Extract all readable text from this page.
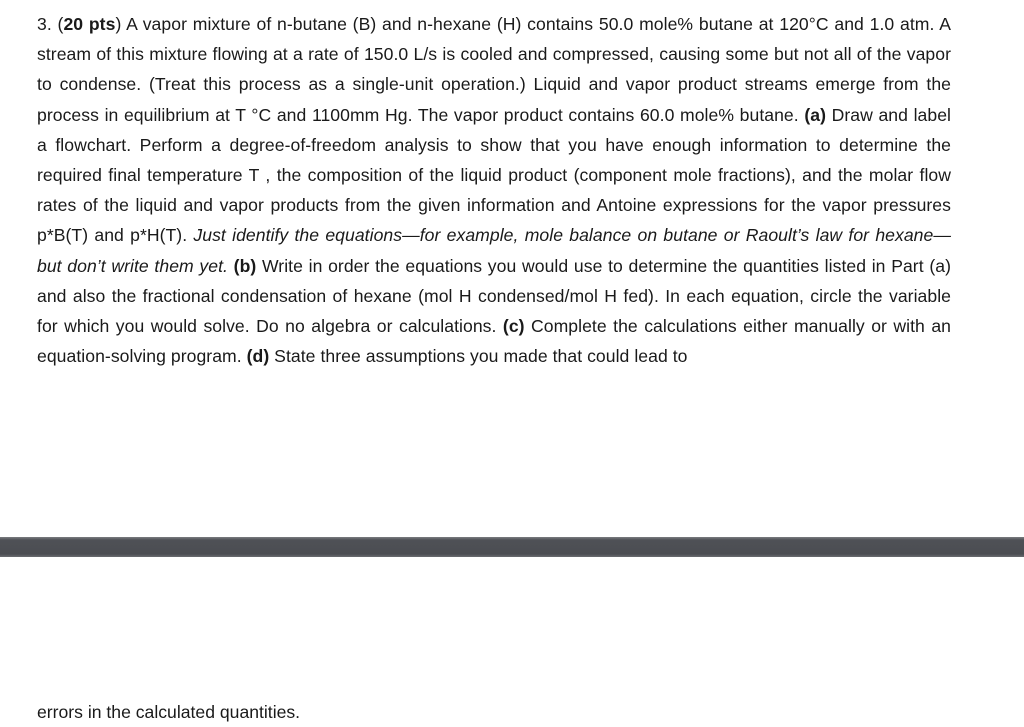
3. (20 pts) A vapor mixture of n-butane (B) and n-hexane (H) contains 50.0 mole% butane at 120°C and 1.0 atm. A stream of this mixture flowing at a rate of 150.0 L/s is cooled and compressed, causing some but not all of the vapor to condense. (Treat this process as a single-unit operation.) Liquid and vapor product streams emerge from the process in equilibrium at T °C and 1100mm Hg. The vapor product contains 60.0 mole% butane. (a) Draw and label a flowchart. Perform a degree-of-freedom analysis to show that you have enough information to determine the required final temperature T , the composition of the liquid product (component mole fractions), and the molar flow rates of the liquid and vapor products from the given information and Antoine expressions for the vapor pressures p*B(T) and p*H(T). Just identify the equations—for example, mole balance on butane or Raoult’s law for hexane—but don’t write them yet. (b) Write in order the equations you would use to determine the quantities listed in Part (a) and also the fractional condensation of hexane (mol H condensed/mol H fed). In each equation, circle the variable for which you would solve. Do no algebra or calculations. (c) Complete the calculations either manually or with an equation-solving program. (d) State three assumptions you made that could lead to

errors in the calculated quantities.
